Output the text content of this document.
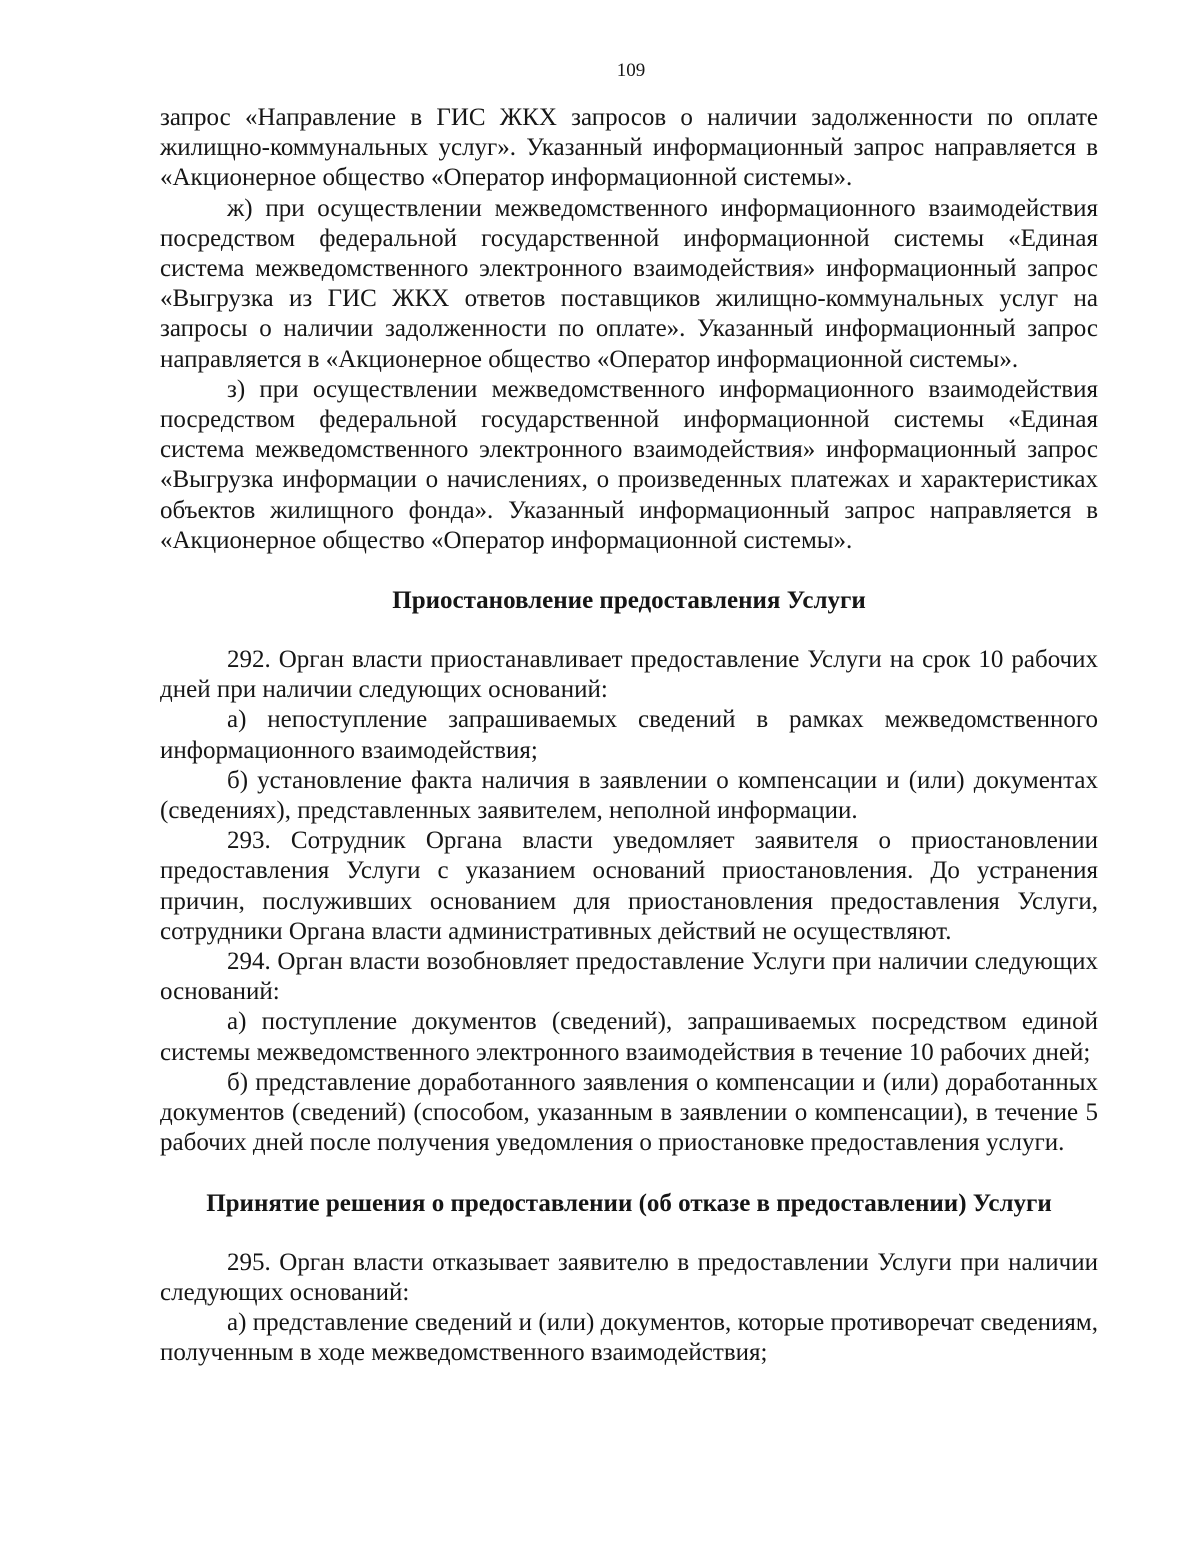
109

запрос «Направление в ГИС ЖКХ запросов о наличии задолженности по оплате жилищно-коммунальных услуг». Указанный информационный запрос направляется в «Акционерное общество «Оператор информационной системы».

ж) при осуществлении межведомственного информационного взаимодействия посредством федеральной государственной информационной системы «Единая система межведомственного электронного взаимодействия» информационный запрос «Выгрузка из ГИС ЖКХ ответов поставщиков жилищно-коммунальных услуг на запросы о наличии задолженности по оплате». Указанный информационный запрос направляется в «Акционерное общество «Оператор информационной системы».

з) при осуществлении межведомственного информационного взаимодействия посредством федеральной государственной информационной системы «Единая система межведомственного электронного взаимодействия» информационный запрос «Выгрузка информации о начислениях, о произведенных платежах и характеристиках объектов жилищного фонда». Указанный информационный запрос направляется в «Акционерное общество «Оператор информационной системы».

Приостановление предоставления Услуги

292. Орган власти приостанавливает предоставление Услуги на срок 10 рабочих дней при наличии следующих оснований:

а) непоступление запрашиваемых сведений в рамках межведомственного информационного взаимодействия;

б) установление факта наличия в заявлении о компенсации и (или) документах (сведениях), представленных заявителем, неполной информации.

293. Сотрудник Органа власти уведомляет заявителя о приостановлении предоставления Услуги с указанием оснований приостановления. До устранения причин, послуживших основанием для приостановления предоставления Услуги, сотрудники Органа власти административных действий не осуществляют.

294. Орган власти возобновляет предоставление Услуги при наличии следующих оснований:

а) поступление документов (сведений), запрашиваемых посредством единой системы межведомственного электронного взаимодействия в течение 10 рабочих дней;

б) представление доработанного заявления о компенсации и (или) доработанных документов (сведений) (способом, указанным в заявлении о компенсации), в течение 5 рабочих дней после получения уведомления о приостановке предоставления услуги.

Принятие решения о предоставлении (об отказе в предоставлении) Услуги

295. Орган власти отказывает заявителю в предоставлении Услуги при наличии следующих оснований:

а) представление сведений и (или) документов, которые противоречат сведениям, полученным в ходе межведомственного взаимодействия;
